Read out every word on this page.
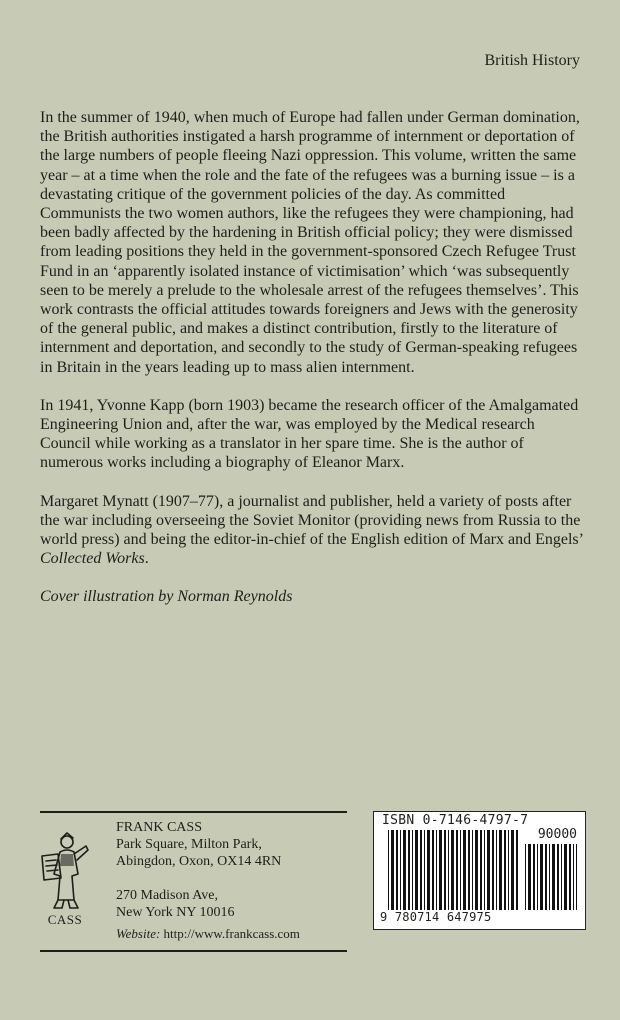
British History

In the summer of 1940, when much of Europe had fallen under German domination, the British authorities instigated a harsh programme of internment or deportation of the large numbers of people fleeing Nazi oppression. This volume, written the same year – at a time when the role and the fate of the refugees was a burning issue – is a devastating critique of the government policies of the day. As committed Communists the two women authors, like the refugees they were championing, had been badly affected by the hardening in British official policy; they were dismissed from leading positions they held in the government-sponsored Czech Refugee Trust Fund in an ‘apparently isolated instance of victimisation’ which ‘was subsequently seen to be merely a prelude to the wholesale arrest of the refugees themselves’. This work contrasts the official attitudes towards foreigners and Jews with the generosity of the general public, and makes a distinct contribution, firstly to the literature of internment and deportation, and secondly to the study of German-speaking refugees in Britain in the years leading up to mass alien internment.

In 1941, Yvonne Kapp (born 1903) became the research officer of the Amalgamated Engineering Union and, after the war, was employed by the Medical research Council while working as a translator in her spare time. She is the author of numerous works including a biography of Eleanor Marx.

Margaret Mynatt (1907–77), a journalist and publisher, held a variety of posts after the war including overseeing the Soviet Monitor (providing news from Russia to the world press) and being the editor-in-chief of the English edition of Marx and Engels’ Collected Works.

Cover illustration by Norman Reynolds

CASS
FRANK CASS
Park Square, Milton Park,
Abingdon, Oxon, OX14 4RN
270 Madison Ave,
New York NY 10016
Website: http://www.frankcass.com
ISBN 0-7146-4797-7
90000
9 780714 647975
